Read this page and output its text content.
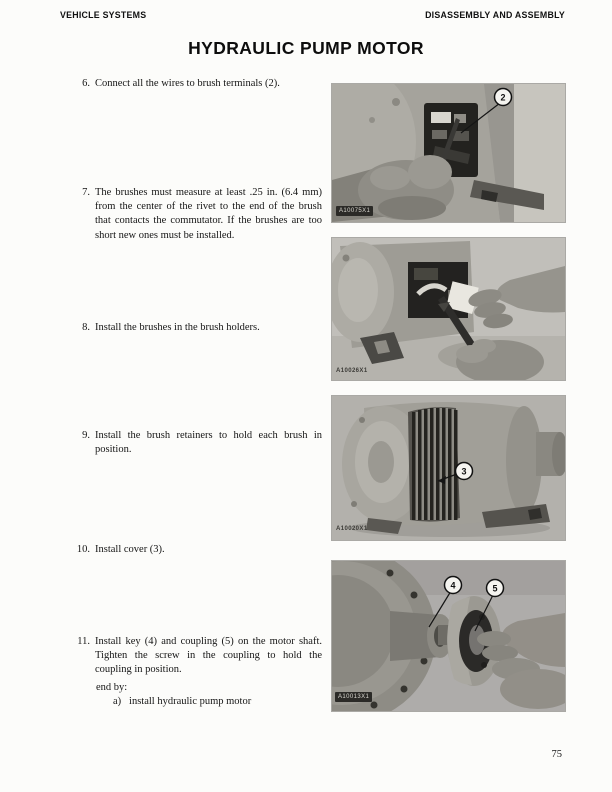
VEHICLE SYSTEMS	DISASSEMBLY AND ASSEMBLY
HYDRAULIC PUMP MOTOR
6. Connect all the wires to brush terminals (2).

7. The brushes must measure at least .25 in. (6.4 mm) from the center of the rivet to the end of the brush that contacts the commutator. If the brushes are too short new ones must be installed.

8. Install the brushes in the brush holders.

9. Install the brush retainers to hold each brush in position.

10. Install cover (3).

11. Install key (4) and coupling (5) on the motor shaft. Tighten the screw in the coupling to hold the coupling in position.

end by:
a)   install hydraulic pump motor
2
A10075X1
A10026X1
3
A10020X1
4	5
A10013X1
75
